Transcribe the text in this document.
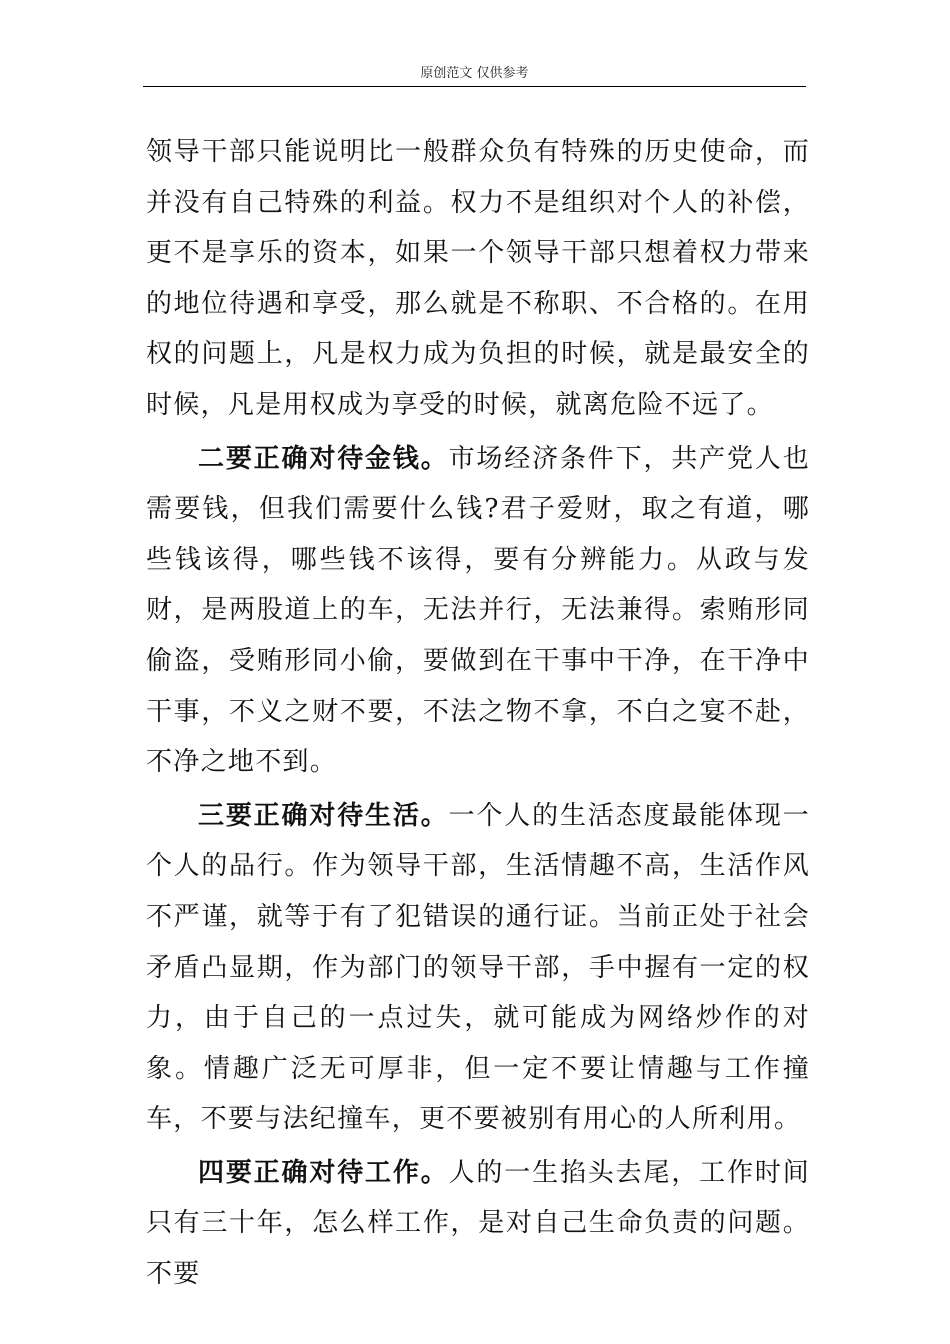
原创范文 仅供参考

领导干部只能说明比一般群众负有特殊的历史使命，而并没有自己特殊的利益。权力不是组织对个人的补偿，更不是享乐的资本，如果一个领导干部只想着权力带来的地位待遇和享受，那么就是不称职、不合格的。在用权的问题上，凡是权力成为负担的时候，就是最安全的时候，凡是用权成为享受的时候，就离危险不远了。

二要正确对待金钱。市场经济条件下，共产党人也需要钱，但我们需要什么钱?君子爱财，取之有道，哪些钱该得，哪些钱不该得，要有分辨能力。从政与发财，是两股道上的车，无法并行，无法兼得。索贿形同偷盗，受贿形同小偷，要做到在干事中干净，在干净中干事，不义之财不要，不法之物不拿，不白之宴不赴，不净之地不到。

三要正确对待生活。一个人的生活态度最能体现一个人的品行。作为领导干部，生活情趣不高，生活作风不严谨，就等于有了犯错误的通行证。当前正处于社会矛盾凸显期，作为部门的领导干部，手中握有一定的权力，由于自己的一点过失，就可能成为网络炒作的对象。情趣广泛无可厚非，但一定不要让情趣与工作撞车，不要与法纪撞车，更不要被别有用心的人所利用。

四要正确对待工作。人的一生掐头去尾，工作时间只有三十年，怎么样工作，是对自己生命负责的问题。不要
